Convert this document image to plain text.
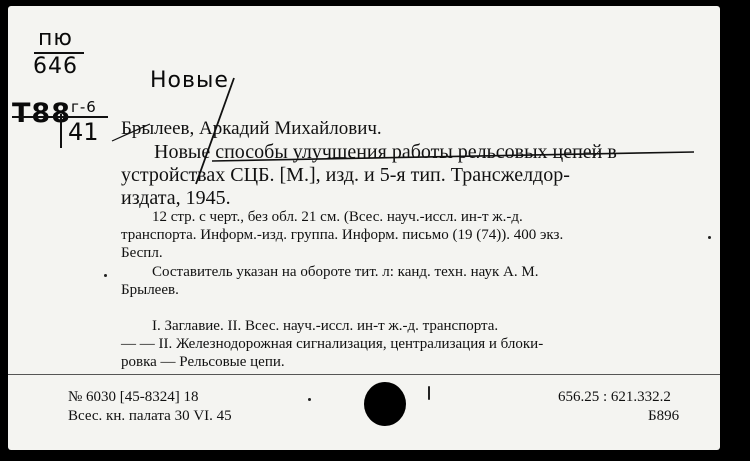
пю
646
$Т88^{г-6}$
41
Новые
Брылеев, Аркадий Михайлович.
Новые способы улучшения работы рельсовых цепей в
устройствах СЦБ. [М.], изд. и 5-я тип. Трансжелдор-
издата, 1945.
12 стр. с черт., без обл. 21 см. (Всес. науч.-иссл. ин-т ж.-д.
транспорта. Информ.-изд. группа. Информ. письмо (19 (74)). 400 экз.
Беспл.
Составитель указан на обороте тит. л: канд. техн. наук А. М.
Брылеев.
I. Заглавие. II. Всес. науч.-иссл. ин-т ж.-д. транспорта.
— — II. Железнодорожная сигнализация, централизация и блоки-
ровка — Рельсовые цепи.
№ 6030 [45-8324] 18
Всес. кн. палата 30 VI. 45
656.25 : 621.332.2
Б896
